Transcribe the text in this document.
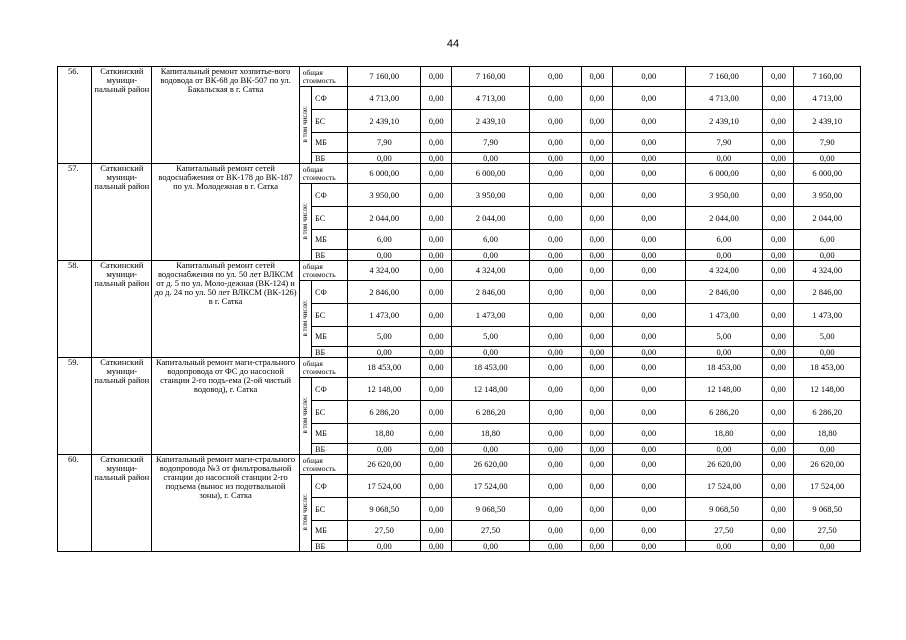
44
56.	Саткинский муници-пальный район	Капитальный ремонт хозпитье-вого водовода от ВК-68 до ВК-507 по ул. Бакальская в г. Сатка	общая стоимость		7 160,00	0,00	7 160,00	0,00	0,00	0,00	7 160,00	0,00	7 160,00
			в том числе:	СФ	4 713,00	0,00	4 713,00	0,00	0,00	0,00	4 713,00	0,00	4 713,00
				БС	2 439,10	0,00	2 439,10	0,00	0,00	0,00	2 439,10	0,00	2 439,10
				МБ	7,90	0,00	7,90	0,00	0,00	0,00	7,90	0,00	7,90
				ВБ	0,00	0,00	0,00	0,00	0,00	0,00	0,00	0,00	0,00
57.	Саткинский муници-пальный район	Капитальный ремонт сетей водоснабжения от ВК-178 до ВК-187 по ул. Молодежная в г. Сатка	общая стоимость		6 000,00	0,00	6 000,00	0,00	0,00	0,00	6 000,00	0,00	6 000,00
			в том числе:	СФ	3 950,00	0,00	3 950,00	0,00	0,00	0,00	3 950,00	0,00	3 950,00
				БС	2 044,00	0,00	2 044,00	0,00	0,00	0,00	2 044,00	0,00	2 044,00
				МБ	6,00	0,00	6,00	0,00	0,00	0,00	6,00	0,00	6,00
				ВБ	0,00	0,00	0,00	0,00	0,00	0,00	0,00	0,00	0,00
58.	Саткинский муници-пальный район	Капитальный ремонт сетей водоснабжения по ул. 50 лет ВЛКСМ от д. 5 по ул. Моло-дежная (ВК-124) и до д. 24 по ул. 50 лет ВЛКСМ (ВК-126) в г. Сатка	общая стоимость		4 324,00	0,00	4 324,00	0,00	0,00	0,00	4 324,00	0,00	4 324,00
			в том числе:	СФ	2 846,00	0,00	2 846,00	0,00	0,00	0,00	2 846,00	0,00	2 846,00
				БС	1 473,00	0,00	1 473,00	0,00	0,00	0,00	1 473,00	0,00	1 473,00
				МБ	5,00	0,00	5,00	0,00	0,00	0,00	5,00	0,00	5,00
				ВБ	0,00	0,00	0,00	0,00	0,00	0,00	0,00	0,00	0,00
59.	Саткинский муници-пальный район	Капитальный ремонт маги-стрального водопровода от ФС до насосной станции 2-го подъ-ема (2-ой чистый водовод), г. Сатка	общая стоимость		18 453,00	0,00	18 453,00	0,00	0,00	0,00	18 453,00	0,00	18 453,00
			в том числе:	СФ	12 148,00	0,00	12 148,00	0,00	0,00	0,00	12 148,00	0,00	12 148,00
				БС	6 286,20	0,00	6 286,20	0,00	0,00	0,00	6 286,20	0,00	6 286,20
				МБ	18,80	0,00	18,80	0,00	0,00	0,00	18,80	0,00	18,80
				ВБ	0,00	0,00	0,00	0,00	0,00	0,00	0,00	0,00	0,00
60.	Саткинский муници-пальный район	Капитальный ремонт маги-стрального водопровода №3 от фильтровальной станции до насосной станции 2-го подъема (вынос из подотвальной зоны), г. Сатка	общая стоимость		26 620,00	0,00	26 620,00	0,00	0,00	0,00	26 620,00	0,00	26 620,00
			в том числе:	СФ	17 524,00	0,00	17 524,00	0,00	0,00	0,00	17 524,00	0,00	17 524,00
				БС	9 068,50	0,00	9 068,50	0,00	0,00	0,00	9 068,50	0,00	9 068,50
				МБ	27,50	0,00	27,50	0,00	0,00	0,00	27,50	0,00	27,50
				ВБ	0,00	0,00	0,00	0,00	0,00	0,00	0,00	0,00	0,00
